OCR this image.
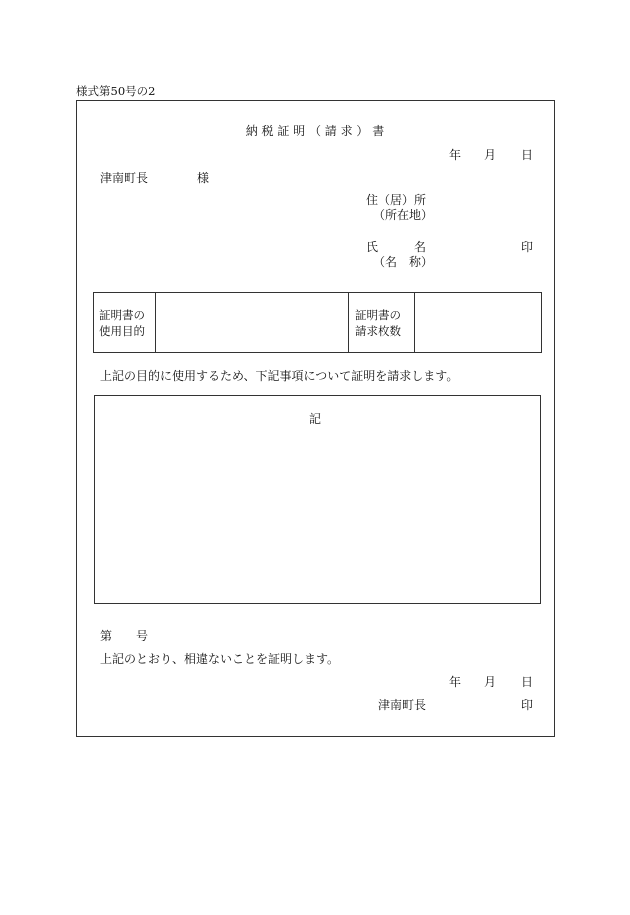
様式第50号の2
納 税 証 明 （ 請 求 ） 書
年 月 日
津南町長	様
住（居）所
（所在地）
氏　　　名
（名　称）
印
証明書の
使用目的
証明書の
請求枚数
上記の目的に使用するため、下記事項について証明を請求します。
記
第 号
上記のとおり、相違ないことを証明します。
年 月 日
津南町長	印
